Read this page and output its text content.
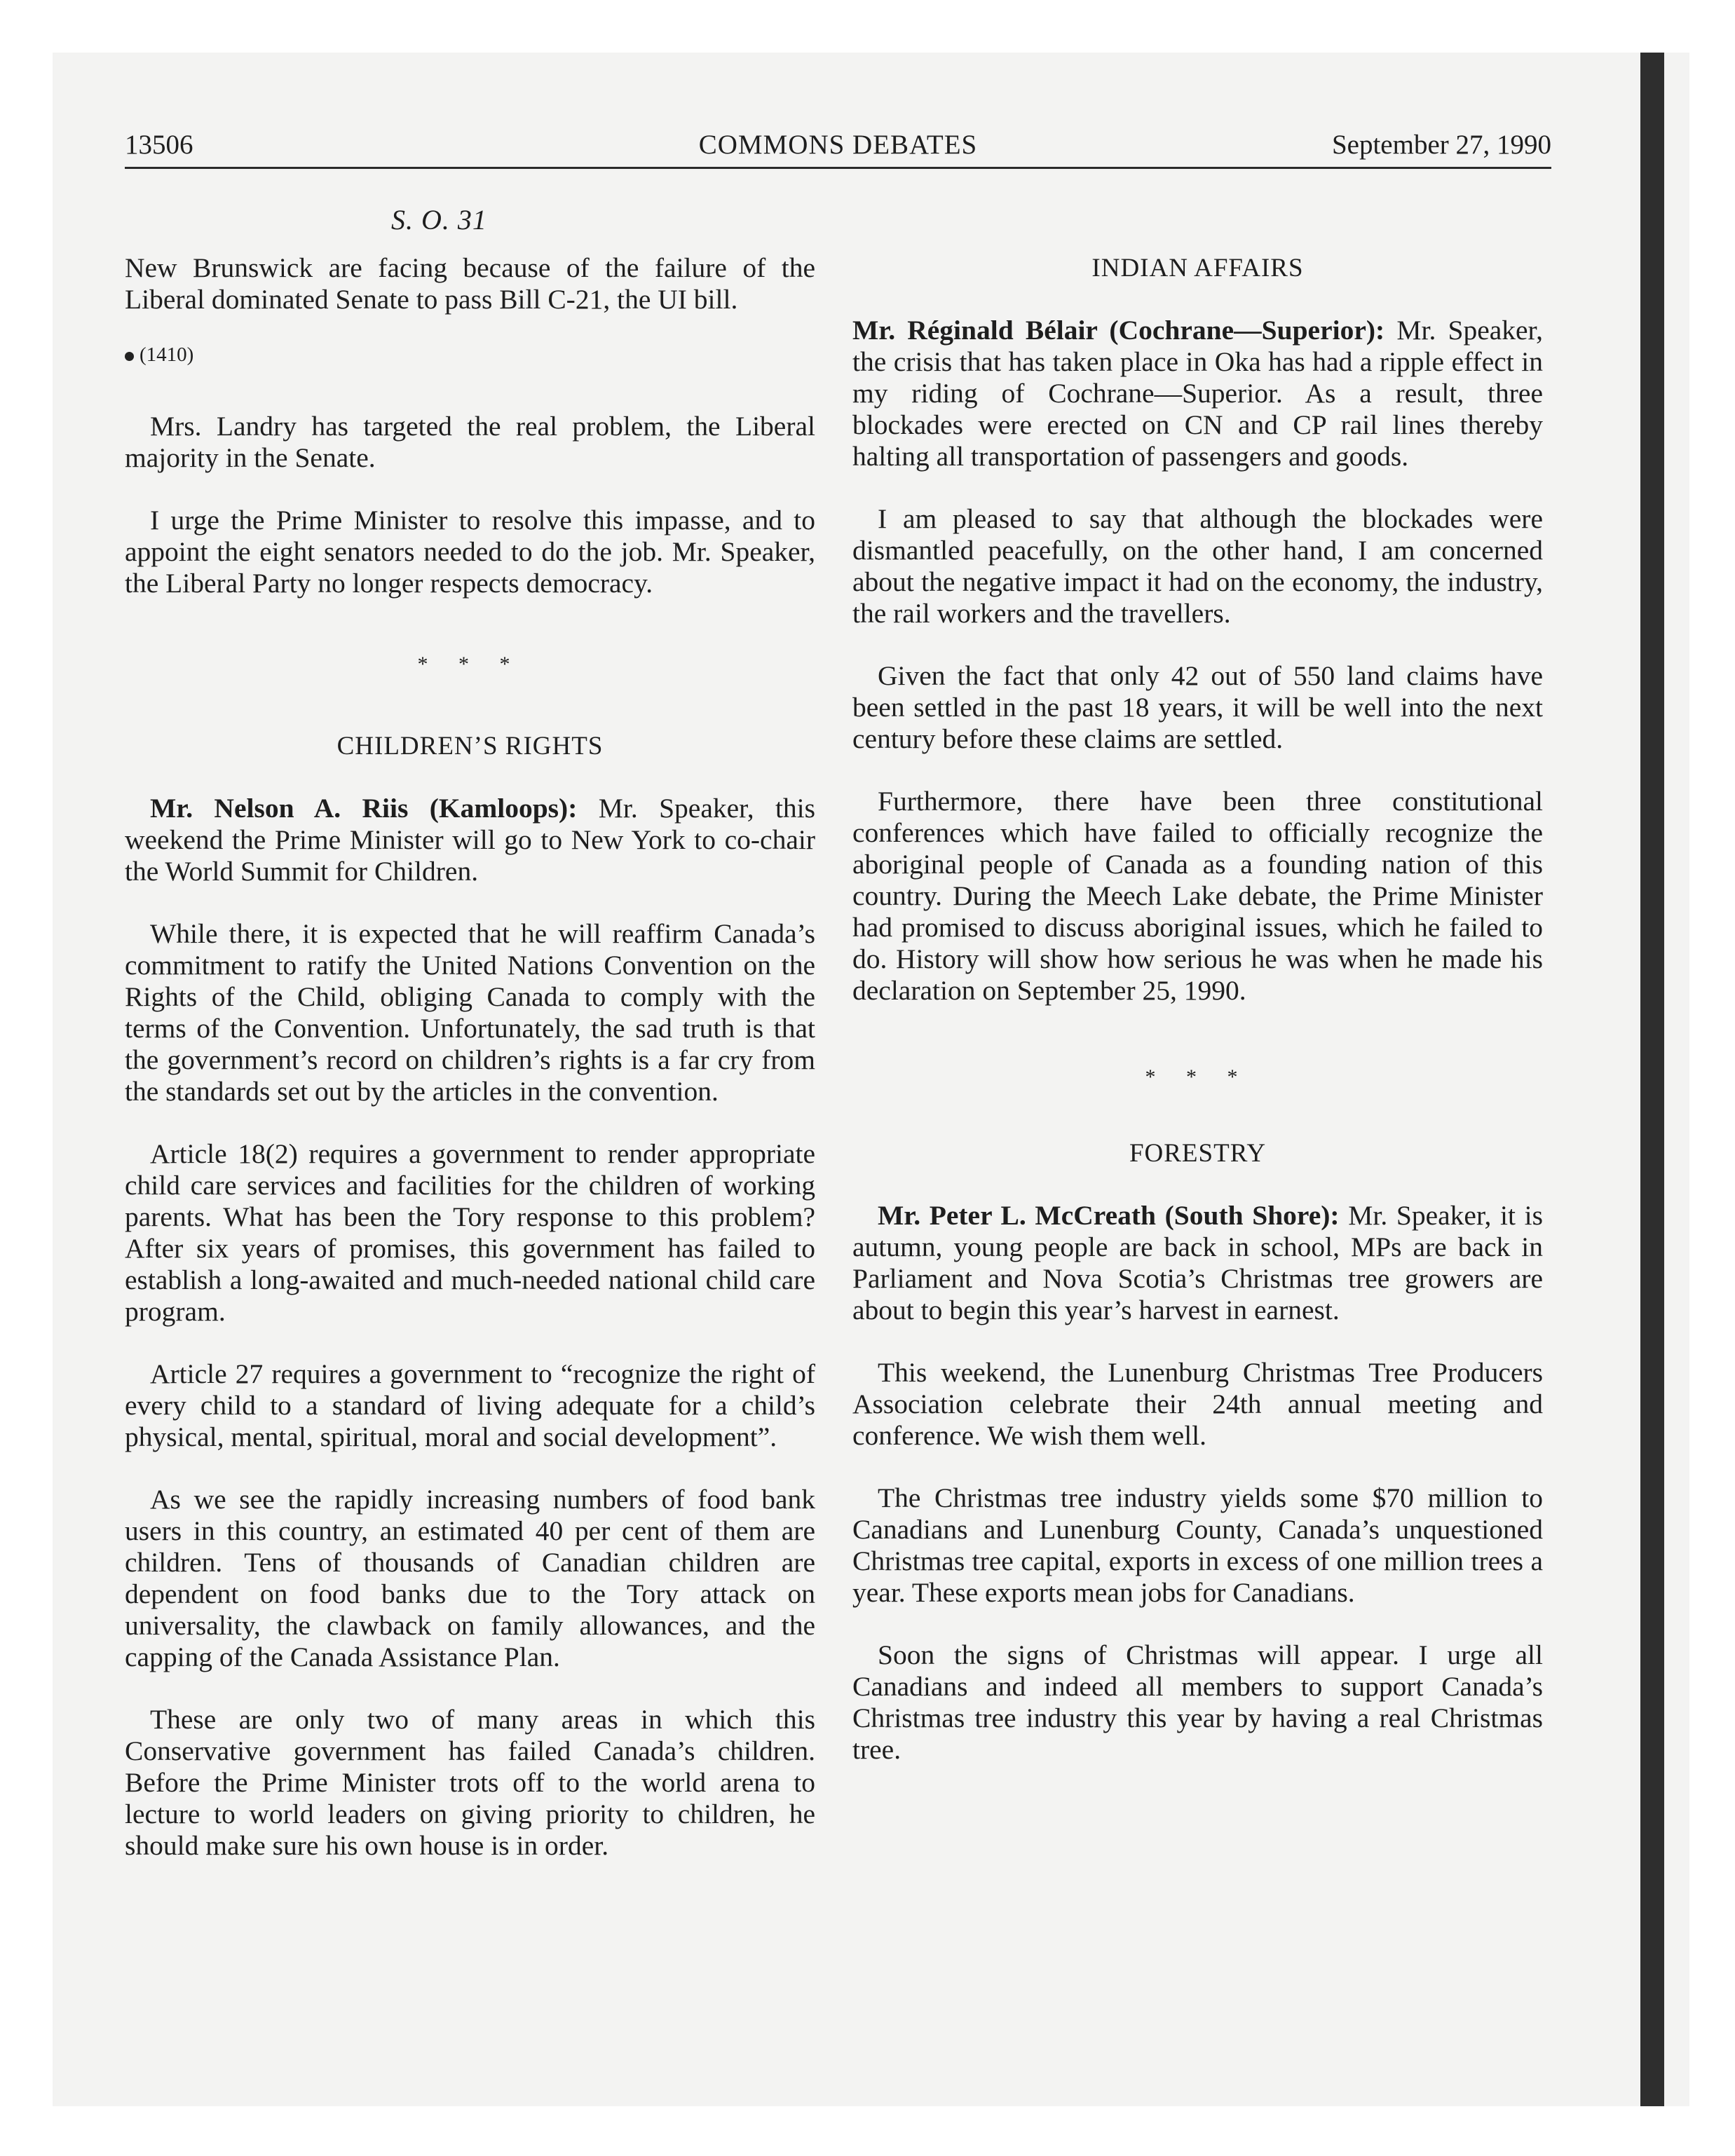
13506	COMMONS DEBATES	September 27, 1990
S. O. 31

New Brunswick are facing because of the failure of the Liberal dominated Senate to pass Bill C‑21, the UI bill.

(1410)

Mrs. Landry has targeted the real problem, the Liberal majority in the Senate.

I urge the Prime Minister to resolve this impasse, and to appoint the eight senators needed to do the job. Mr. Speaker, the Liberal Party no longer respects democracy.

* * *
CHILDREN’S RIGHTS

Mr. Nelson A. Riis (Kamloops): Mr. Speaker, this weekend the Prime Minister will go to New York to co‑chair the World Summit for Children.

While there, it is expected that he will reaffirm Canada’s commitment to ratify the United Nations Convention on the Rights of the Child, obliging Canada to comply with the terms of the Convention. Unfortunately, the sad truth is that the government’s record on children’s rights is a far cry from the standards set out by the articles in the convention.

Article 18(2) requires a government to render appropriate child care services and facilities for the children of working parents. What has been the Tory response to this problem? After six years of promises, this government has failed to establish a long‑awaited and much‑needed national child care program.

Article 27 requires a government to “recognize the right of every child to a standard of living adequate for a child’s physical, mental, spiritual, moral and social development”.

As we see the rapidly increasing numbers of food bank users in this country, an estimated 40 per cent of them are children. Tens of thousands of Canadian children are dependent on food banks due to the Tory attack on universality, the clawback on family allowances, and the capping of the Canada Assistance Plan.

These are only two of many areas in which this Conservative government has failed Canada’s children. Before the Prime Minister trots off to the world arena to lecture to world leaders on giving priority to children, he should make sure his own house is in order.

INDIAN AFFAIRS

Mr. Réginald Bélair (Cochrane—Superior): Mr. Speaker, the crisis that has taken place in Oka has had a ripple effect in my riding of Cochrane—Superior. As a result, three blockades were erected on CN and CP rail lines thereby halting all transportation of passengers and goods.

I am pleased to say that although the blockades were dismantled peacefully, on the other hand, I am concerned about the negative impact it had on the economy, the industry, the rail workers and the travellers.

Given the fact that only 42 out of 550 land claims have been settled in the past 18 years, it will be well into the next century before these claims are settled.

Furthermore, there have been three constitutional conferences which have failed to officially recognize the aboriginal people of Canada as a founding nation of this country. During the Meech Lake debate, the Prime Minister had promised to discuss aboriginal issues, which he failed to do. History will show how serious he was when he made his declaration on September 25, 1990.

* * *
FORESTRY

Mr. Peter L. McCreath (South Shore): Mr. Speaker, it is autumn, young people are back in school, MPs are back in Parliament and Nova Scotia’s Christmas tree growers are about to begin this year’s harvest in earnest.

This weekend, the Lunenburg Christmas Tree Producers Association celebrate their 24th annual meeting and conference. We wish them well.

The Christmas tree industry yields some $70 million to Canadians and Lunenburg County, Canada’s unquestioned Christmas tree capital, exports in excess of one million trees a year. These exports mean jobs for Canadians.

Soon the signs of Christmas will appear. I urge all Canadians and indeed all members to support Canada’s Christmas tree industry this year by having a real Christmas tree.
